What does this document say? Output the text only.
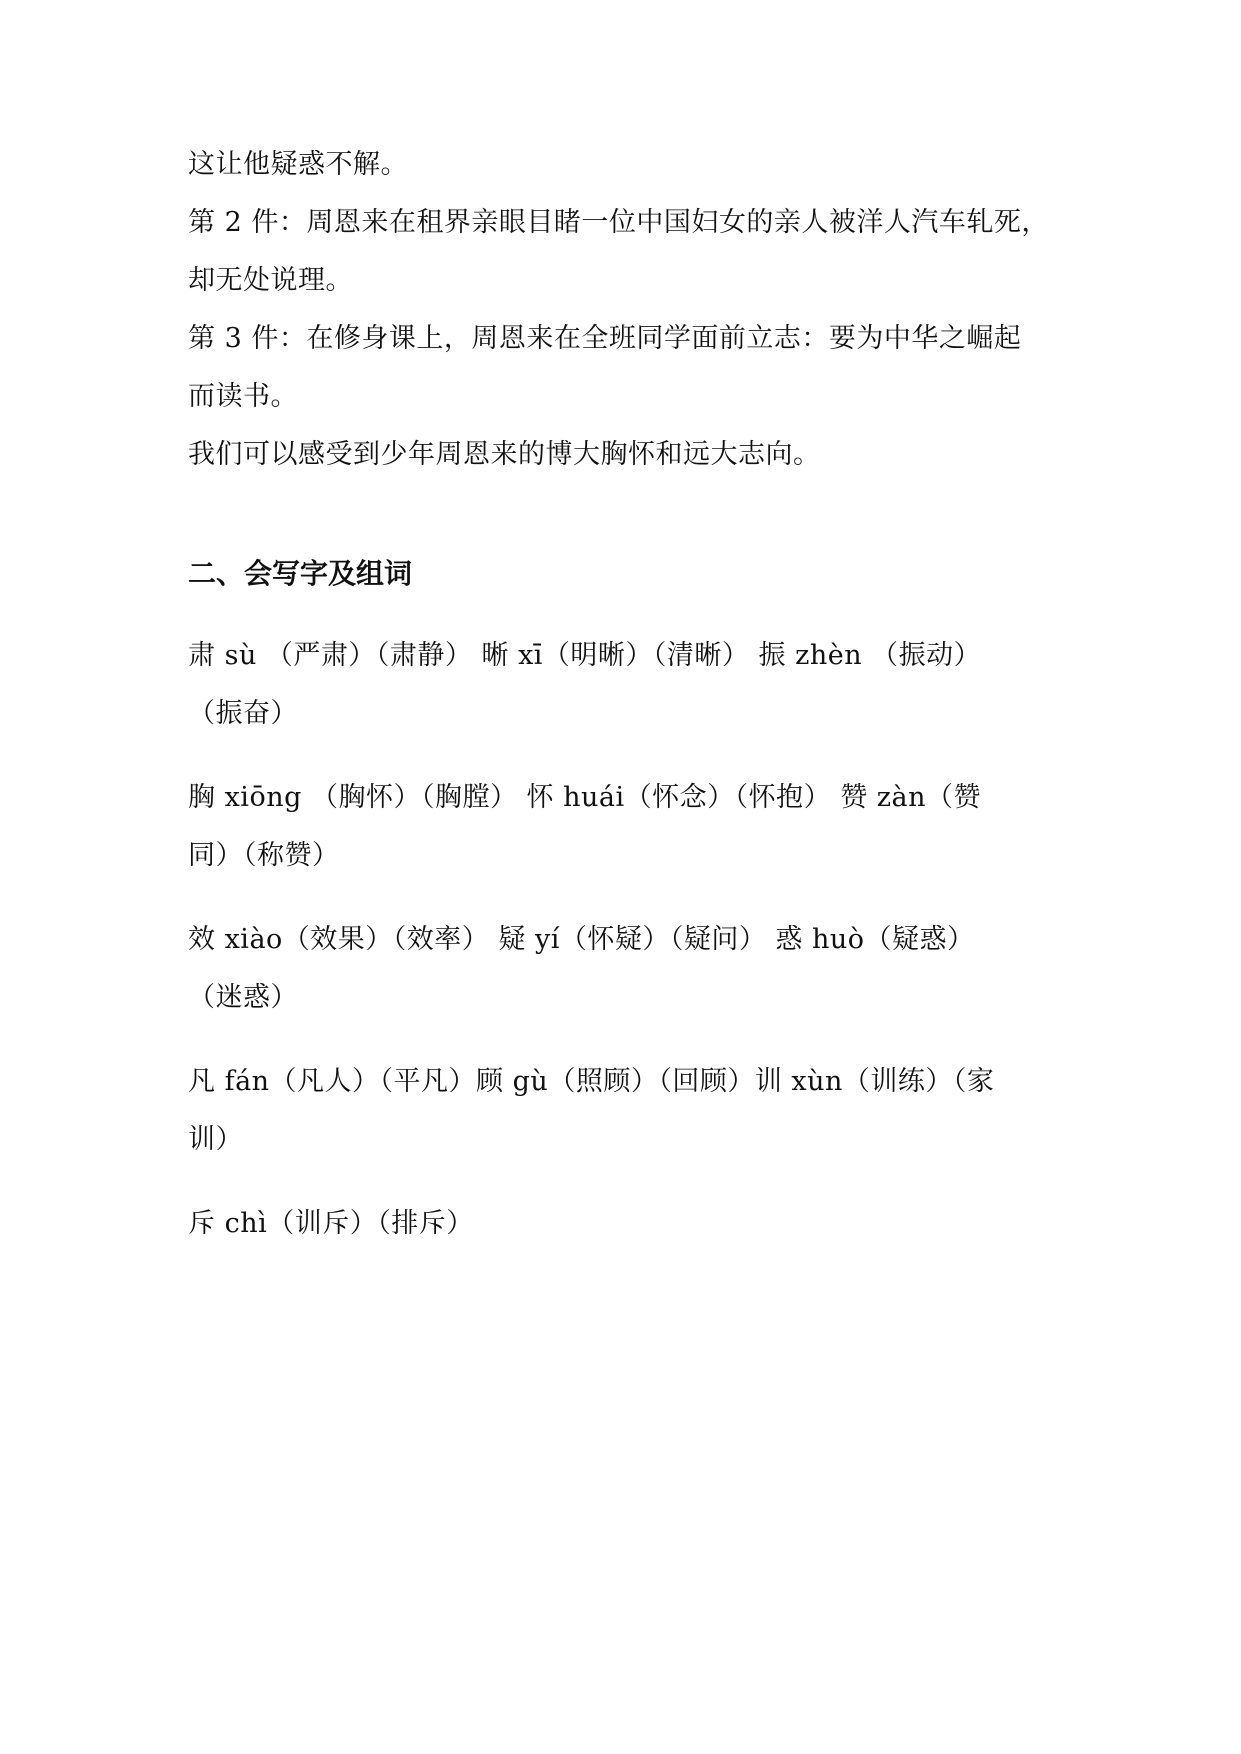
这让他疑惑不解。
第 2 件：周恩来在租界亲眼目睹一位中国妇女的亲人被洋人汽车轧死，
却无处说理。
第 3 件：在修身课上，周恩来在全班同学面前立志：要为中华之崛起
而读书。
我们可以感受到少年周恩来的博大胸怀和远大志向。
二、会写字及组词
肃 sù （严肃）（肃静） 晰 xī（明晰）（清晰） 振 zhèn （振动）
（振奋）
胸 xiōng （胸怀）（胸膛） 怀 huái（怀念）（怀抱） 赞 zàn（赞
同）（称赞）
效 xiào（效果）（效率） 疑 yí（怀疑）（疑问） 惑 huò（疑惑）
（迷惑）
凡 fán（凡人）（平凡）顾 gù（照顾）（回顾）训 xùn（训练）（家
训）
斥 chì（训斥）（排斥）
